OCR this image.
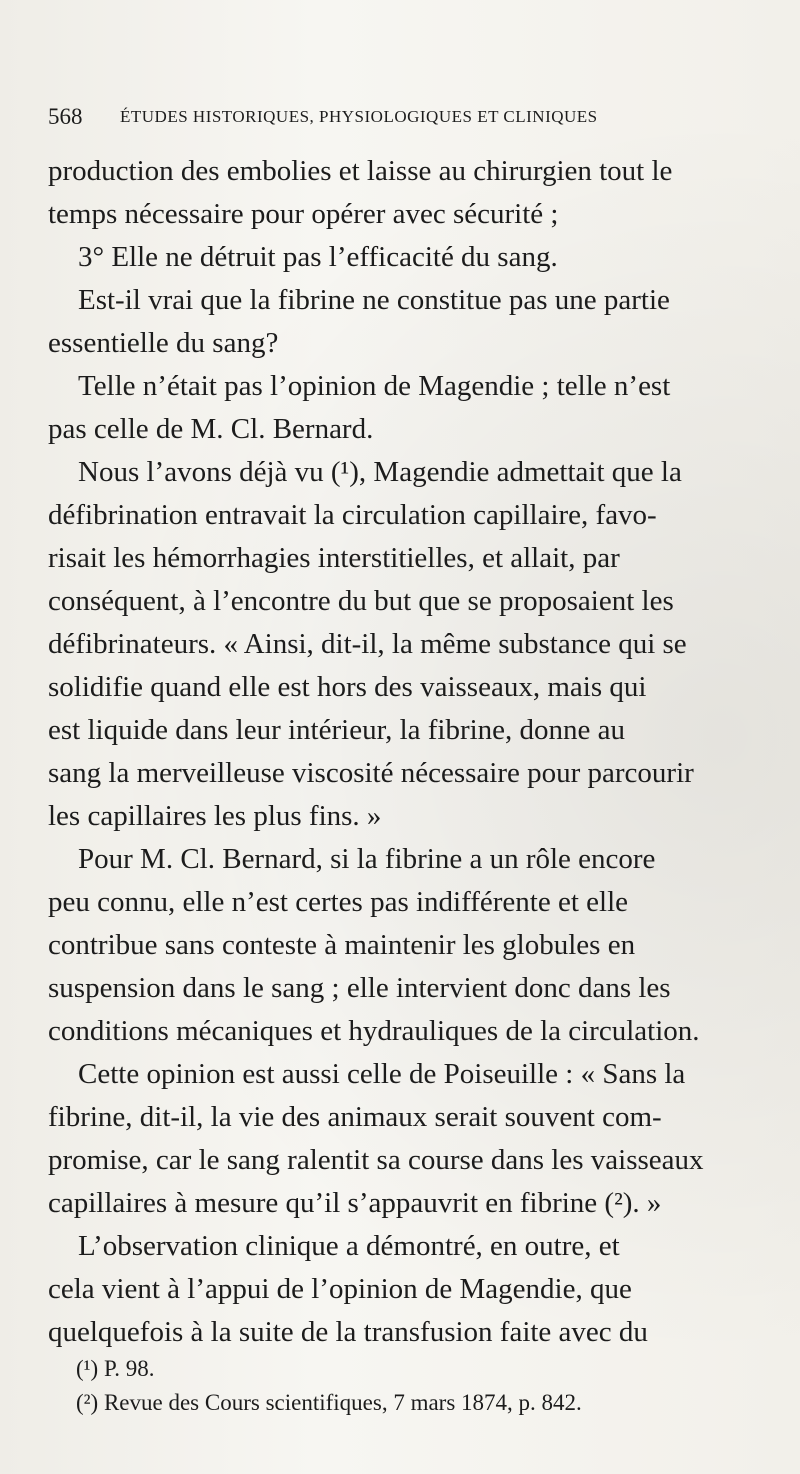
568 ÉTUDES HISTORIQUES, PHYSIOLOGIQUES ET CLINIQUES
production des embolies et laisse au chirurgien tout le
temps nécessaire pour opérer avec sécurité ;
3° Elle ne détruit pas l’efficacité du sang.
Est-il vrai que la fibrine ne constitue pas une partie
essentielle du sang?
Telle n’était pas l’opinion de Magendie ; telle n’est
pas celle de M. Cl. Bernard.
Nous l’avons déjà vu (¹), Magendie admettait que la
défibrination entravait la circulation capillaire, favo-
risait les hémorrhagies interstitielles, et allait, par
conséquent, à l’encontre du but que se proposaient les
défibrinateurs. « Ainsi, dit-il, la même substance qui se
solidifie quand elle est hors des vaisseaux, mais qui
est liquide dans leur intérieur, la fibrine, donne au
sang la merveilleuse viscosité nécessaire pour parcourir
les capillaires les plus fins. »
Pour M. Cl. Bernard, si la fibrine a un rôle encore
peu connu, elle n’est certes pas indifférente et elle
contribue sans conteste à maintenir les globules en
suspension dans le sang ; elle intervient donc dans les
conditions mécaniques et hydrauliques de la circulation.
Cette opinion est aussi celle de Poiseuille : « Sans la
fibrine, dit-il, la vie des animaux serait souvent com-
promise, car le sang ralentit sa course dans les vaisseaux
capillaires à mesure qu’il s’appauvrit en fibrine (²). »
L’observation clinique a démontré, en outre, et
cela vient à l’appui de l’opinion de Magendie, que
quelquefois à la suite de la transfusion faite avec du
(¹) P. 98.
(²) Revue des Cours scientifiques, 7 mars 1874, p. 842.
